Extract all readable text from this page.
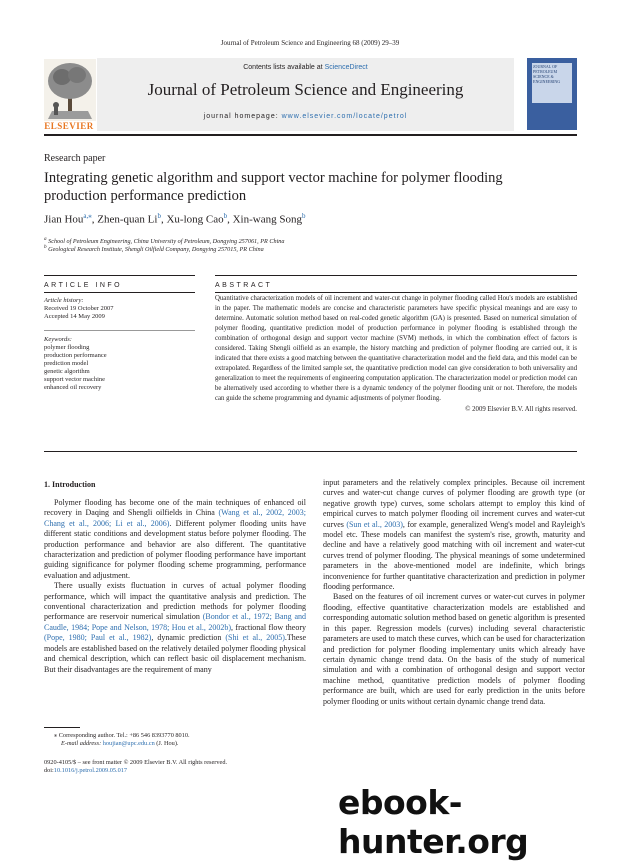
Journal of Petroleum Science and Engineering 68 (2009) 29–39
ELSEVIER
Contents lists available at ScienceDirect
Journal of Petroleum Science and Engineering
journal homepage: www.elsevier.com/locate/petrol
JOURNAL OF PETROLEUM SCIENCE & ENGINEERING
Research paper
Integrating genetic algorithm and support vector machine for polymer flooding
production performance prediction
Jian Hou$^{a,⁎}$, Zhen-quan Li$^b$, Xu-long Cao$^b$, Xin-wang Song$^b$
$^a$ School of Petroleum Engineering, China University of Petroleum, Dongying 257061, PR China
$^b$ Geological Research Institute, Shengli Oilfield Company, Dongying 257015, PR China
ARTICLE INFO
Article history:
Received 19 October 2007
Accepted 14 May 2009
Keywords:
polymer flooding
production performance
prediction model
genetic algorithm
support vector machine
enhanced oil recovery
ABSTRACT
Quantitative characterization models of oil increment and water-cut change in polymer flooding called Hou's models are established in the paper. The mathematic models are concise and characteristic parameters have specific physical meanings and are easy to determine. Automatic solution method based on real-coded genetic algorithm (GA) is presented. Based on numerical simulation of polymer flooding, quantitative prediction model of production performance in polymer flooding is established through the combination of orthogonal design and support vector machine (SVM) methods, in which the combination effect of factors is considered. Taking Shengli oilfield as an example, the history matching and prediction of polymer flooding are carried out, it is indicated that there exists a good matching between the quantitative characterization model and the field data, and this model can be extrapolated. Regardless of the limited sample set, the quantitative prediction model can give consideration to both universality and generalization to meet the requirements of engineering computation application. The characterization model or prediction model can be alternatively used according to whether there is a dynamic tendency of the polymer flooding unit or not. Therefore, the models can guide the scheme programming and dynamic adjustments of polymer flooding.
© 2009 Elsevier B.V. All rights reserved.
1. Introduction

Polymer flooding has become one of the main techniques of enhanced oil recovery in Daqing and Shengli oilfields in China (Wang et al., 2002, 2003; Chang et al., 2006; Li et al., 2006). Different polymer flooding units have different static conditions and development status before polymer flooding. The production performance and behavior are also different. The quantitative characterization and prediction of polymer flooding performance have important guiding significance for polymer flooding scheme programming, performance evaluation and adjustment.

There usually exists fluctuation in curves of actual polymer flooding performance, which will impact the quantitative analysis and prediction. The conventional characterization and prediction methods for polymer flooding performance are reservoir numerical simulation (Bondor et al., 1972; Bang and Caudle, 1984; Pope and Nelson, 1978; Hou et al., 2002b), fractional flow theory (Pope, 1980; Paul et al., 1982), dynamic prediction (Shi et al., 2005).These models are established based on the relatively detailed polymer flooding physical and chemical description, which can reflect basic oil displacement mechanism. But their disadvantages are the requirement of many

input parameters and the relatively complex principles. Because oil increment curves and water-cut change curves of polymer flooding are growth type (or negative growth type) curves, some scholars attempt to employ this kind of empirical curves to match polymer flooding oil increment curves and water-cut curves (Sun et al., 2003), for example, generalized Weng's model and Rayleigh's model etc. These models can manifest the system's rise, growth, maturity and decline and have a relatively good matching with oil increment and water-cut curves trend of polymer flooding. The physical meanings of some undetermined parameters in the above-mentioned model are indefinite, which brings inconvenience for further quantitative characterization and prediction in polymer flooding performance.

Based on the features of oil increment curves or water-cut curves in polymer flooding, effective quantitative characterization models are established and corresponding automatic solution method based on genetic algorithm is presented in this paper. Regression models (curves) including several characteristic parameters are used to match these curves, which can be used for characterization and prediction for polymer flooding implementary units which already have certain dynamic change trend data. On the basis of the study of numerical simulation and with a combination of orthogonal design and support vector machine method, quantitative prediction models of polymer flooding performance are built, which are used for early prediction in the units before polymer flooding or units without certain dynamic change trend data.

⁎ Corresponding author. Tel.: +86 546 8393770 8010.
E-mail address: houjian@upc.edu.cn (J. Hou).
0920-4105/$ – see front matter © 2009 Elsevier B.V. All rights reserved.
doi:10.1016/j.petrol.2009.05.017
ebook-hunter.org
